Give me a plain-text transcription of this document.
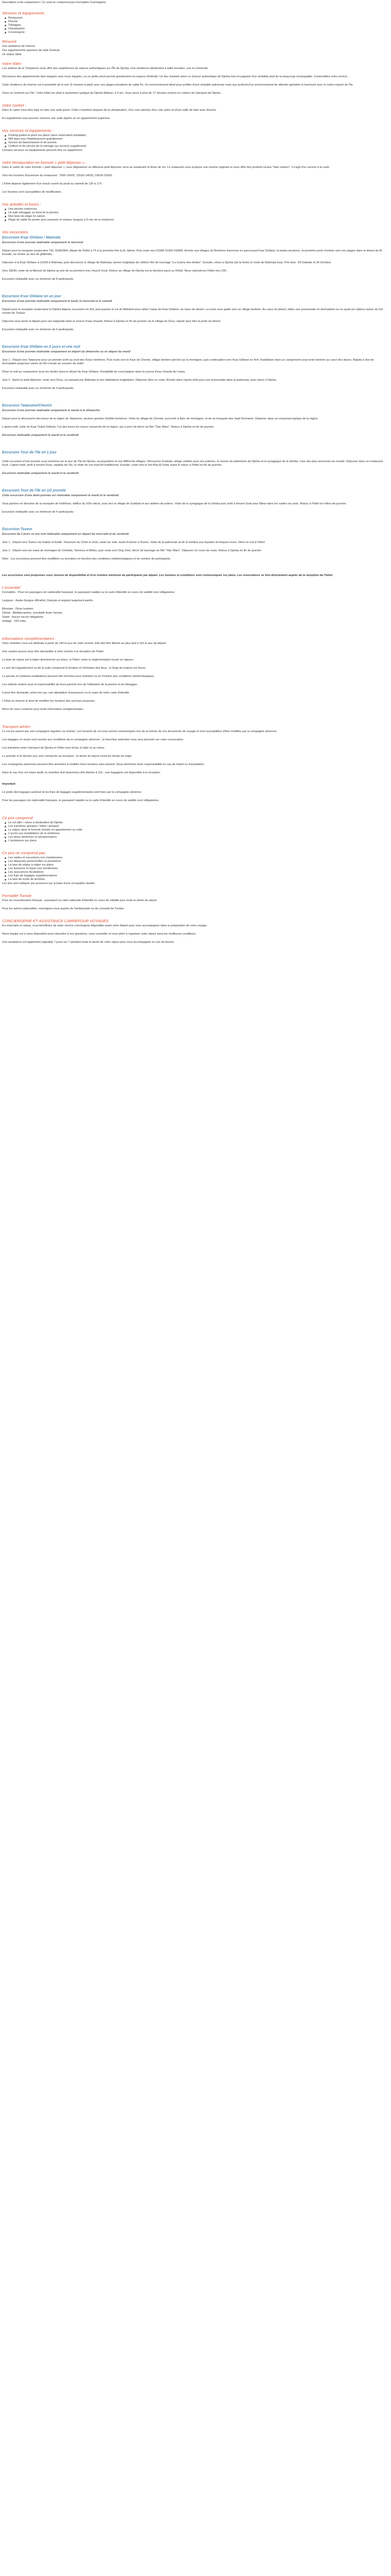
Description à lire uniquement ! Ce sont en comprend pas Formalités Cosmtiganie

Services et équipements :
Restaurant
Piscine
Toboggan
Climatisation
Conciergerie
Résumé

Une ambiance de charme

Des appartements spacieux de style Dunkuis

Un séjour idéal

Votre hôtel :

Les ambres de la Tunisienne vous offre des expériences de séjours authentiques sur l'Île de Djerba, Une résidence idéalement à taille humaine, aux et commode

Découvrez des appartements bien équipés avec leurs équipés, ou un jardin privé permet grandement en espace d'intimité. Un lieu d'autant selon ce chacun authentique de Djerba tout en joignant d'un véritable pied de la beaucoup remarquable. Commodités votre service.

Cette résidence de charme est à proximité de la mer (5 minutes à pied) avec ses plages privatisée de sable fin. Un environnement idéal pour profiter d'une véritable palmeraie mais aux profond d'un environnement de détente agréable et harmonie avec le cadre naturel de l'île.

Vivez un moment sur l'île ! Votre hôtel est situé à seulement quelque de Djerba Midoun, à 5 km. Vous serez à plus de 17 minutes environ en voiture de l'aéroport de Djerba.

Votre confort :

Dans le cadre vous êtes logé en bien une suite junior. Celle-ci bambou dispose de la climatisation, d'un coin salon(s) d'un coin salon et d'une salle de bain avec douche.

En supplément vous pourrez réserver une suite duplex ou un appartement supérieur.

Vos services et équipements :
Parking gratuit et privé sur place (sans réservation préalable)
Wifi dans tout l'établissement gratuitement
Service de blanchisserie et de lavoirie
Coiffure et de service de la ménage (au service) supplément)

Certains services ou équipements peuvent être en supplément.

Votre Restauration en formule « petit déjeuner » :

Dans le cadre de votre formule « petit déjeuner », vous dégusterez un délicieux petit déjeuner servi au restaurant la Rose de vin. Le restaurant vous propose une cuisine originale et vous offre des produits locaux "faits maison". Il s'agit d'un service à la carte.

Voici les horaires d'ouverture du restaurant : 7h00-10h00, 12h30-14h30, 19h30-22h00

L'hôtel dispose également d'un snack ouvert du jeudi au samedi de 12h à 17h.

Les horaires sont susceptibles de modification.

Vos activités et loisirs :
Une piscine extérieure
Un bain toboggan au bord de la piscine
Des taxis de plage en saison
Plage de sable fin privée avec parasols et chaises longues à 5 min de la résidence
Vos excursions
Excursion Ksar Ghilane / Matmata

Excursion d'une journée réalisable uniquement le mercredi

Départ pour la mosquée souterraine TEL GHAZIRA, départ de l'hôtel à 7h à la première fois la El Jalmia. Puis route vers KSAR OUED KEBIR. Arrivée aux villages du Berbères Kanrenes en parcourant Ksar Ghilane, la kasba ancienne, la première porte d'entrée vers nos plages dans le désert de M. Ensuite, se rendre au mur de ghilbelda...

Déjeuner à la Ksar Ghilane à 12h30 à Matmata, puis découvrez le village de Matmata, ancien troglodyte du célèbre film de tournage "La Guerre des étoiles". Ensuite, retour à Djerba (de la fonte) et visite de Matmata Ksar. Prix total : 60 €/adulte et 30 €/enfant.

Vers 18h30, visite de la Menzel de Djerba au prix de sa première fois, Houmt Souk. Retour au village de Djerba est la dernière paroi ou l'hôtel. Nous rejoindrons l'hôtel vers 20h.

Excursion réalisable avec un minimum de 8 participants.

Excursion Ksar Ghilane en un jour

Excursion d'une journée réalisable uniquement le lundi, le mercredi et le samedi

Départ pour la mosquée souterraine la Dakhia Aljama, excursion en 4x4, puis passez le col de Mahamil pour rallier l'oasis de Ksar Ghilane, au cœur du désert. La route vous guide vers un village berbère. Au cœur du désert, faites une promenade en dromadaire ou en quad (en option) autour du fort romain de Tisavar.

Déjeuner sous tente et départ pour une baignade dans la source d'eau chaude. Retour à Djerba en fin de journée via le village de Douz, réputé pour être la porte du désert.

Excursion réalisable avec un minimum de 6 participants.

Excursion Ksar Ghilane en 2 jours et une nuit

Excursion d'une journée réalisable uniquement en départ du dimanche ou en départ du mardi

Jour 1 : Départ vers Tataouine pour un premier arrêt au nord des Ksour berbères. Puis route vers le Ksar de Chenini, village berbère perché sur la montagne, puis continuation vers Ksar Ghilane en 4x4. Installation dans un campement sous tente berbère au cœur des dunes. Balade à dos de dromadaire jusqu'aux ruines du fort romain au coucher du soleil.

Dîner et nuit au campement sous les étoiles dans le désert de Ksar Ghilane. Possibilité de vous baigner dans la source d'eau chaude de l'oasis.

Jour 2 : Après le petit déjeuner, route vers Douz, en passant par Matmata et ses habitations troglodytes. Déjeuner libre en route. Arrivée dans l'après-midi pour une promenade dans la palmeraie, puis retour à Djerba.

Excursion réalisable avec un minimum de 4 participants.

Excursion Tataouine/Chenini

Excursion d'une journée réalisable uniquement le mardi et le dimanche.

Départ pour la découverte des ksour de la région de Tataouine, anciens greniers fortifiés berbères. Visite du village de Chenini, accroché à flanc de montagne, et de sa mosquée des Sept Dormants. Déjeuner dans un restaurant typique de la région.

L'après-midi, visite du Ksar Ouled Soltane, l'un des ksour les mieux conservés de la région, qui a servi de décor au film "Star Wars". Retour à Djerba en fin de journée.

Excursion réalisable uniquement le mardi et le vendredi

Excursion Tour de l'île en 1 jour

Cette excursion d'une journée vous emmène sur le tour de l'île de Djerba, sa population et ses différents villages. Découvrez Guellala, village célèbre pour ses poteries, le musée du patrimoine de Djerba et la synagogue de la Ghriba, l'une des plus anciennes du monde. Déjeuner dans un restaurant local. L'après-midi, arrêt à Houmt Souk, capitale de l'île, et visite de son marché traditionnel. Ensuite, route vers le fort Borj El Kebir avant le retour à l'hôtel en fin de journée.

Excursion réalisable uniquement le mardi et le vendredi

Excursion Tour de l'île en 1/2 journée

Cette excursion d'une demi-journée est réalisable uniquement le mardi et le vendredi.

Vous partirez en direction de la mosquée de Fadhloun, édifice du XIVe siècle, puis vers le village de Guellala et ses ateliers de potiers. Visite de la synagogue de la Ghriba puis arrêt à Houmt Souk pour flâner dans les ruelles du souk. Retour à l'hôtel en milieu de journée.

Excursion réalisable avec un minimum de 4 participants.

Excursion Tozeur

Excursion de 2 jours et une nuit réalisable uniquement en départ du mercredi et du vendredi

Jour 1 : Départ vers Tozeur via Gabès et Kebili. Traversée du Chott el Jerid, vaste lac salé, avant d'arriver à Tozeur. Visite de la palmeraie et de la médina aux façades de briques ocres. Dîner et nuit à l'hôtel.

Jour 2 : Départ vers les oasis de montagne de Chebika, Tamerza et Mides, puis route vers Ong Jmel, décor de tournage du film "Star Wars". Déjeuner en cours de route. Retour à Djerba en fin de journée.

Note : Les excursions peuvent être modifiées ou annulées en fonction des conditions météorologiques et du nombre de participants.

Les excursions sont proposées sous réserve de disponibilité et d'un nombre minimum de participants par départ. Les horaires et conditions sont communiqués sur place. Les réservations se font directement auprès de la réception de l'hôtel.

L'essentiel

Formalités : Pour les passagers de nationalité française, le passeport valable ou la carte d'identité en cours de validité sont obligatoires.

Langues : Arabe (langue officielle), français et anglais largement parlés.

Monnaie : Dinar tunisien.

Climat : Méditerranéen, ensoleillé toute l'année.

Santé : Aucun vaccin obligatoire.

Voltage : 220 volts.

Informations complémentaires :

Votre chambre vous est attribuée à partir de 14h le jour de votre arrivée. Elle doit être libérée au plus tard à 11h le jour du départ.

Une caution pourra vous être demandée à votre arrivée à la réception de l'hôtel.

La taxe de séjour est à régler directement sur place, à l'hôtel, selon la réglementation locale en vigueur.

Le prix de l'appartement ou de la suite comprend la location et l'entretien des lieux ; le linge de maison est fourni.

La piscine et certaines installations peuvent être fermées pour entretien ou en fonction des conditions météorologiques.

Les enfants restent sous la responsabilité de leurs parents lors de l'utilisation de la piscine et du toboggan.

Il peut être demandé, selon les cas, une attestation d'assurance ou la copie de votre carte d'identité.

L'hôtel se réserve le droit de modifier les horaires des services proposés.

Merci de nous contacter pour toute information complémentaire.

Transport aérien :

Le vol est assuré par une compagnie régulière ou charter. Les horaires de vol vous seront communiqués lors de la remise de vos documents de voyage et sont susceptibles d'être modifiés par la compagnie aérienne.

Les bagages en soute sont soumis aux conditions de la compagnie aérienne ; la franchise autorisée vous sera précisée sur votre convocation.

Les transferts entre l'aéroport de Djerba et l'hôtel sont inclus à l'aller et au retour.

Le premier et le dernier jour sont consacrés au transport ; la durée du séjour inclut les temps de trajet.

Les compagnies aériennes peuvent être amenées à modifier leurs horaires sans préavis. Nous déclinons toute responsabilité en cas de retard ou d'annulation.

Dans le cas d'un vol retour tardif, la chambre doit néanmoins être libérée à 11h ; une bagagerie est disponible à la réception.

Important

Le poids des bagages autorisé et les frais de bagages supplémentaires sont fixés par la compagnie aérienne.

Pour les passagers de nationalité française, le passeport valable ou la carte d'identité en cours de validité sont obligatoires.

Ce prix comprend
Le vol aller / retour à destination de Djerba
Les transferts aéroport / hôtel / aéroport
Le séjour dans la formule choisie en appartement ou suite
L'accès aux installations de la résidence
Les taxes aériennes et aéroportuaires
L'assistance sur place
Ce prix ne comprend pas
Les visites et excursions non mentionnées
Les dépenses personnelles et pourboires
La taxe de séjour à régler sur place
Les boissons et repas non mentionnés
Les assurances facultatives
Les frais de bagages supplémentaires
La taxe de sortie du territoire

Les prix sont indiqués par personne sur la base d'une occupation double.

Formalité Tunisie

Pour les ressortissants français : passeport ou carte nationale d'identité en cours de validité pour toute la durée du séjour.

Pour les autres nationalités, renseignez-vous auprès de l'ambassade ou du consulat de Tunisie.

CONCIERGERIE ET ASSISTANCE CARREFOUR VOYAGES

En réservant ce séjour, vous bénéficiez de notre service conciergerie disponible avant votre départ pour vous accompagner dans la préparation de votre voyage.

Notre équipe est à votre disposition pour répondre à vos questions, vous conseiller et vous aider à organiser votre séjour dans les meilleures conditions.

Une assistance est également joignable 7 jours sur 7 pendant toute la durée de votre séjour pour vous accompagner en cas de besoin.
